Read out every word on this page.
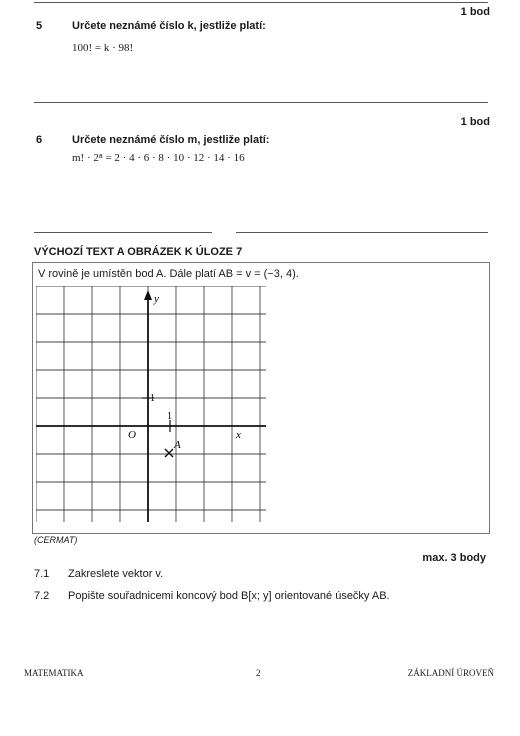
1 bod
5	Určete neznámé číslo k, jestliže platí:
100! = k · 98!
1 bod
6	Určete neznámé číslo m, jestliže platí:
m! · 2⁸ = 2 · 4 · 6 · 8 · 10 · 12 · 14 · 16
VÝCHOZÍ TEXT A OBRÁZEK K ÚLOZE 7
V rovině je umístěn bod A. Dále platí AB = v = (−3, 4).
y
x
O
1
1
A
(CERMAT)
max. 3 body
7.1 Zakreslete vektor v.
7.2 Popište souřadnicemi koncový bod B[x; y] orientované úsečky AB.
MATEMATIKA	2	ZÁKLADNÍ ÚROVEŇ
